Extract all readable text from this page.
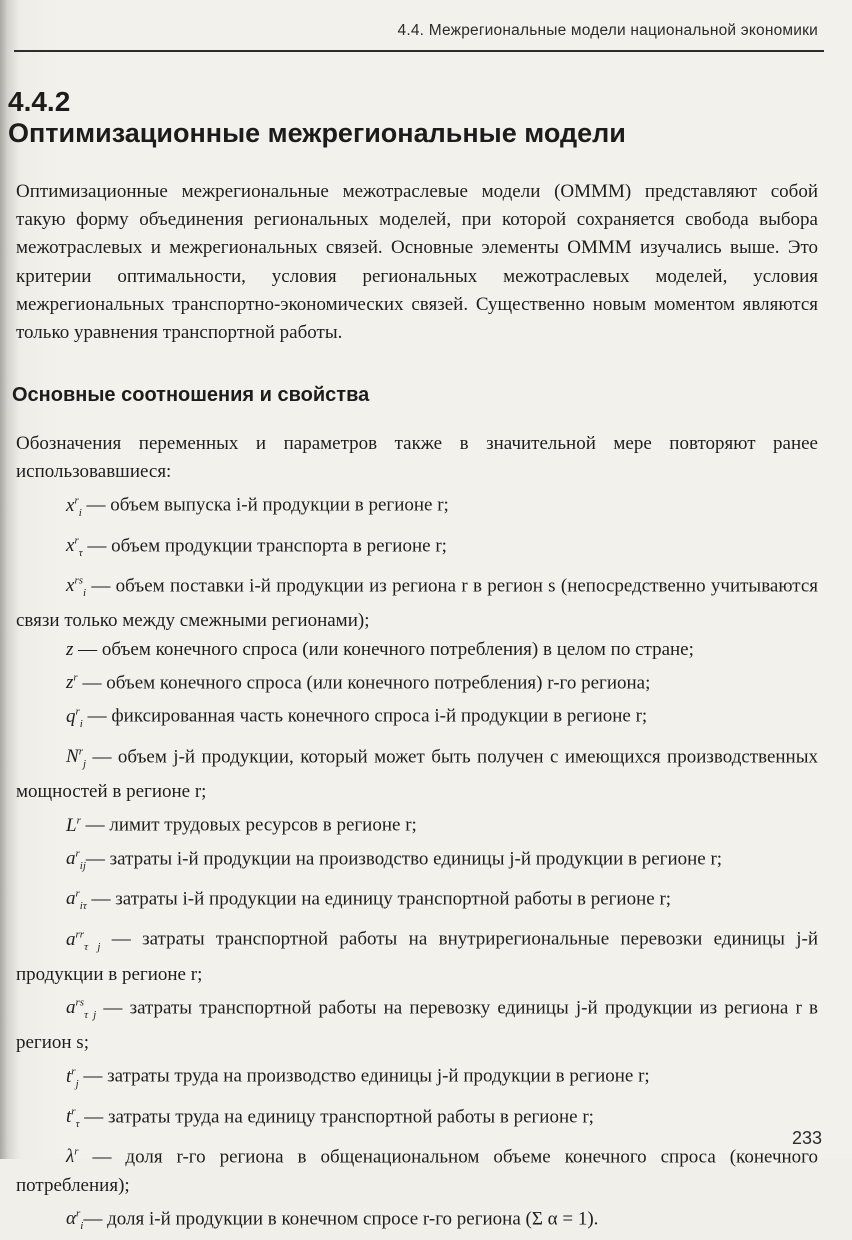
4.4. Межрегиональные модели национальной экономики
4.4.2
Оптимизационные межрегиональные модели
Оптимизационные межрегиональные межотраслевые модели (ОММM) представляют собой такую форму объединения региональных моделей, при которой сохраняется свобода выбора межотраслевых и межрегиональных связей. Основные элементы ОММM изучались выше. Это критерии оптимальности, условия региональных межотраслевых моделей, условия межрегиональных транспортно-экономических связей. Существенно новым моментом являются только уравнения транспортной работы.
Основные соотношения и свойства

Обозначения переменных и параметров также в значительной мере повторяют ранее использовавшиеся:

$x^r_i$ — объем выпуска i-й продукции в регионе r;

$x^r_\tau$ — объем продукции транспорта в регионе r;

$x^{rs}_i$ — объем поставки i-й продукции из региона r в регион s (непосредственно учитываются связи только между смежными регионами);

z — объем конечного спроса (или конечного потребления) в целом по стране;

$z^r$ — объем конечного спроса (или конечного потребления) r-го региона;

$q^r_i$ — фиксированная часть конечного спроса i-й продукции в регионе r;

$N^r_j$ — объем j-й продукции, который может быть получен с имеющихся производственных мощностей в регионе r;

$L^r$ — лимит трудовых ресурсов в регионе r;

$a^r_{ij}—$ затраты i-й продукции на производство единицы j-й продукции в регионе r;

$a^r_{i\tau}$ — затраты i-й продукции на единицу транспортной работы в регионе r;

$a^{rr}_{\tau j}$ — затраты транспортной работы на внутрирегиональные перевозки единицы j-й продукции в регионе r;

$a^{rs}_{\tau j}$ — затраты транспортной работы на перевозку единицы j-й продукции из региона r в регион s;

$t^r_j$ — затраты труда на производство единицы j-й продукции в регионе r;

$t^r_\tau$ — затраты труда на единицу транспортной работы в регионе r;

$\lambda^r$ — доля r-го региона в общенациональном объеме конечного спроса (конечного потребления);

$\alpha^r_i—$ доля i-й продукции в конечном спросе r-го региона (Σ α = 1).

233
